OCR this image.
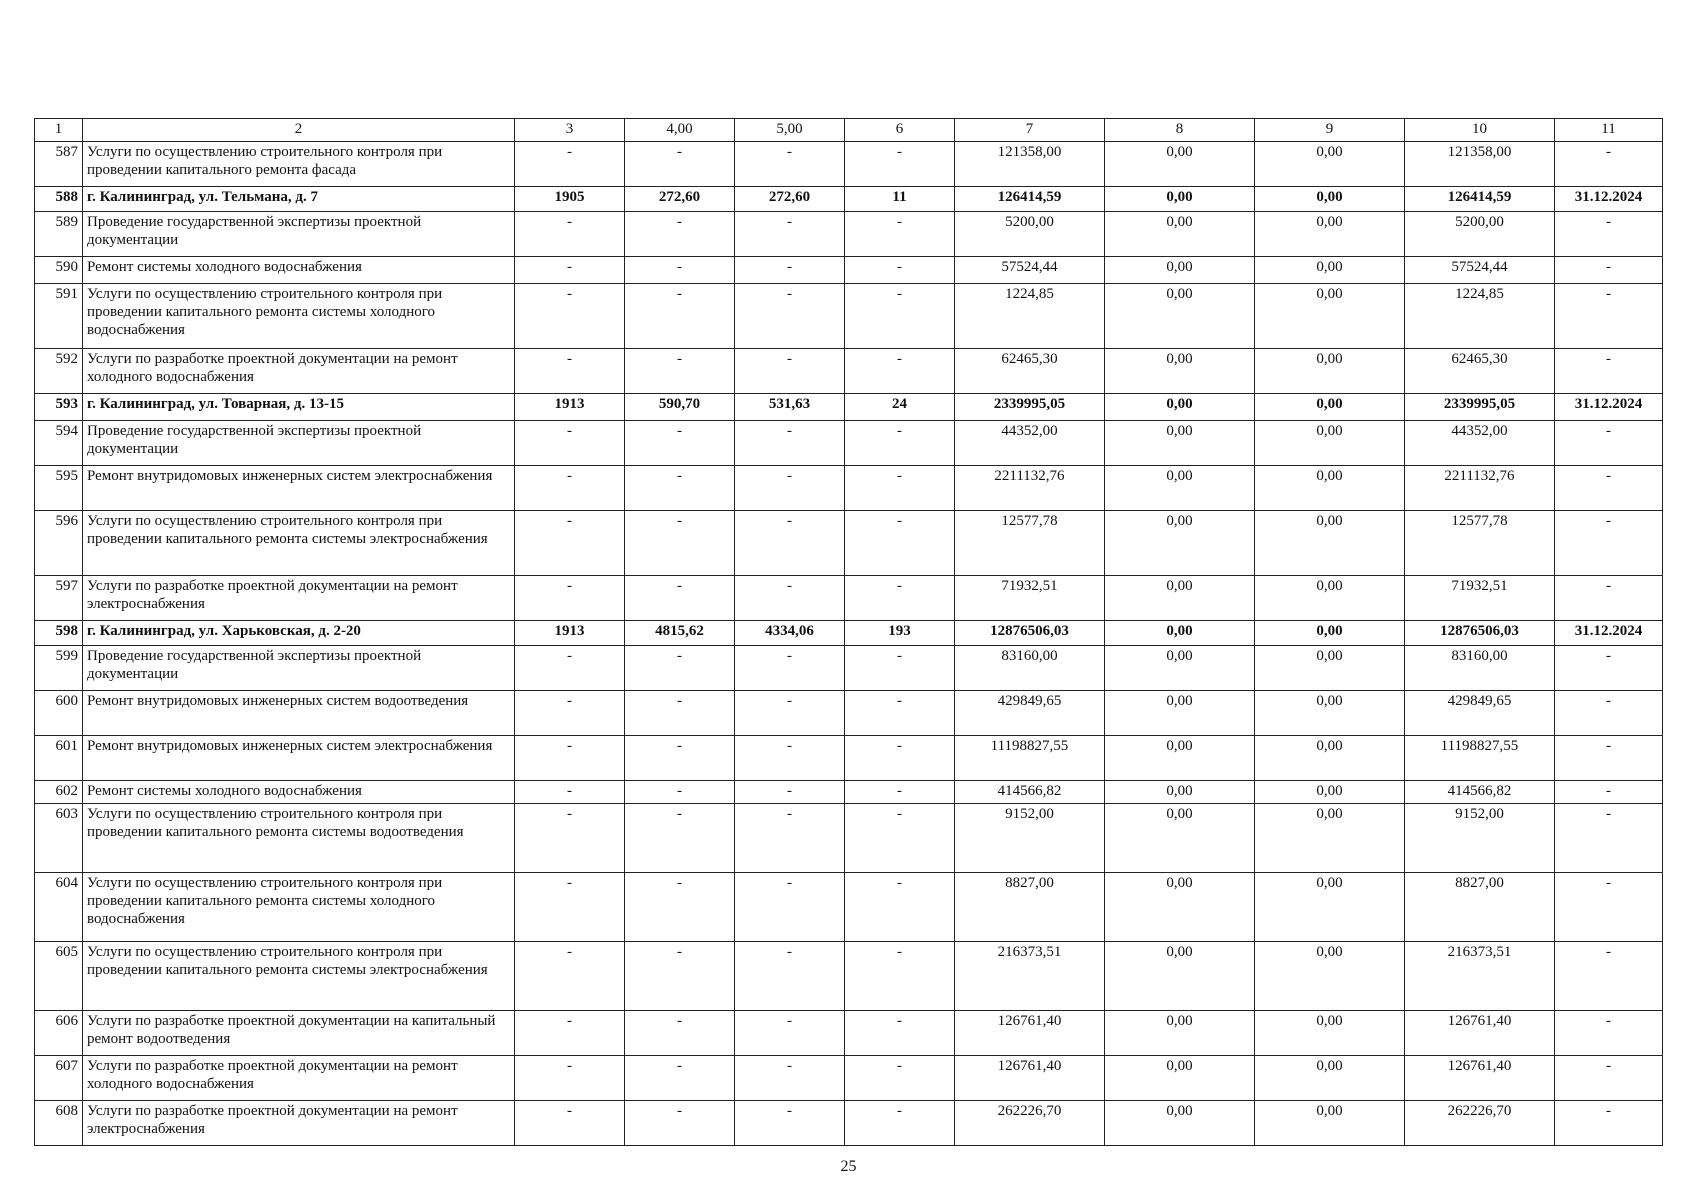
1	2	3	4,00	5,00	6	7	8	9	10	11
587	Услуги по осуществлению строительного контроля при проведении капитального ремонта фасада	-	-	-	-	121358,00	0,00	0,00	121358,00	-
588	г. Калининград, ул. Тельмана, д. 7	1905	272,60	272,60	11	126414,59	0,00	0,00	126414,59	31.12.2024
589	Проведение государственной экспертизы проектной документации	-	-	-	-	5200,00	0,00	0,00	5200,00	-
590	Ремонт системы холодного водоснабжения	-	-	-	-	57524,44	0,00	0,00	57524,44	-
591	Услуги по осуществлению строительного контроля при проведении капитального ремонта системы холодного водоснабжения	-	-	-	-	1224,85	0,00	0,00	1224,85	-
592	Услуги по разработке проектной документации на ремонт холодного водоснабжения	-	-	-	-	62465,30	0,00	0,00	62465,30	-
593	г. Калининград, ул. Товарная, д. 13-15	1913	590,70	531,63	24	2339995,05	0,00	0,00	2339995,05	31.12.2024
594	Проведение государственной экспертизы проектной документации	-	-	-	-	44352,00	0,00	0,00	44352,00	-
595	Ремонт внутридомовых инженерных систем электроснабжения	-	-	-	-	2211132,76	0,00	0,00	2211132,76	-
596	Услуги по осуществлению строительного контроля при проведении капитального ремонта системы электроснабжения	-	-	-	-	12577,78	0,00	0,00	12577,78	-
597	Услуги по разработке проектной документации на ремонт электроснабжения	-	-	-	-	71932,51	0,00	0,00	71932,51	-
598	г. Калининград, ул. Харьковская, д. 2-20	1913	4815,62	4334,06	193	12876506,03	0,00	0,00	12876506,03	31.12.2024
599	Проведение государственной экспертизы проектной документации	-	-	-	-	83160,00	0,00	0,00	83160,00	-
600	Ремонт внутридомовых инженерных систем водоотведения	-	-	-	-	429849,65	0,00	0,00	429849,65	-
601	Ремонт внутридомовых инженерных систем электроснабжения	-	-	-	-	11198827,55	0,00	0,00	11198827,55	-
602	Ремонт системы холодного водоснабжения	-	-	-	-	414566,82	0,00	0,00	414566,82	-
603	Услуги по осуществлению строительного контроля при проведении капитального ремонта системы водоотведения	-	-	-	-	9152,00	0,00	0,00	9152,00	-
604	Услуги по осуществлению строительного контроля при проведении капитального ремонта системы холодного водоснабжения	-	-	-	-	8827,00	0,00	0,00	8827,00	-
605	Услуги по осуществлению строительного контроля при проведении капитального ремонта системы электроснабжения	-	-	-	-	216373,51	0,00	0,00	216373,51	-
606	Услуги по разработке проектной документации на капитальный ремонт водоотведения	-	-	-	-	126761,40	0,00	0,00	126761,40	-
607	Услуги по разработке проектной документации на ремонт холодного водоснабжения	-	-	-	-	126761,40	0,00	0,00	126761,40	-
608	Услуги по разработке проектной документации на ремонт электроснабжения	-	-	-	-	262226,70	0,00	0,00	262226,70	-
25
